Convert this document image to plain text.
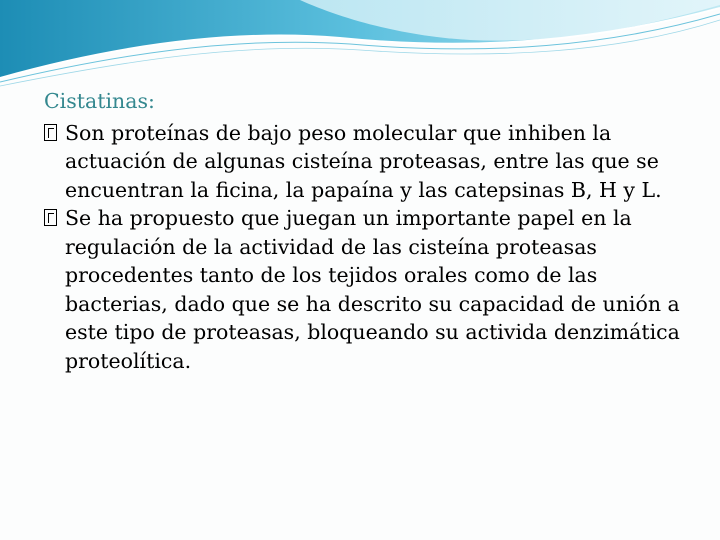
Cistatinas:

Son proteínas de bajo peso molecular que inhiben la actuación de algunas cisteína proteasas, entre las que se encuentran la ficina, la papaína y las catepsinas B, H y L.

Se ha propuesto que juegan un importante papel en la regulación de la actividad de las cisteína proteasas procedentes tanto de los tejidos orales como de las bacterias, dado que se ha descrito su capacidad de unión a este tipo de proteasas, bloqueando su activida denzimática proteolítica.
